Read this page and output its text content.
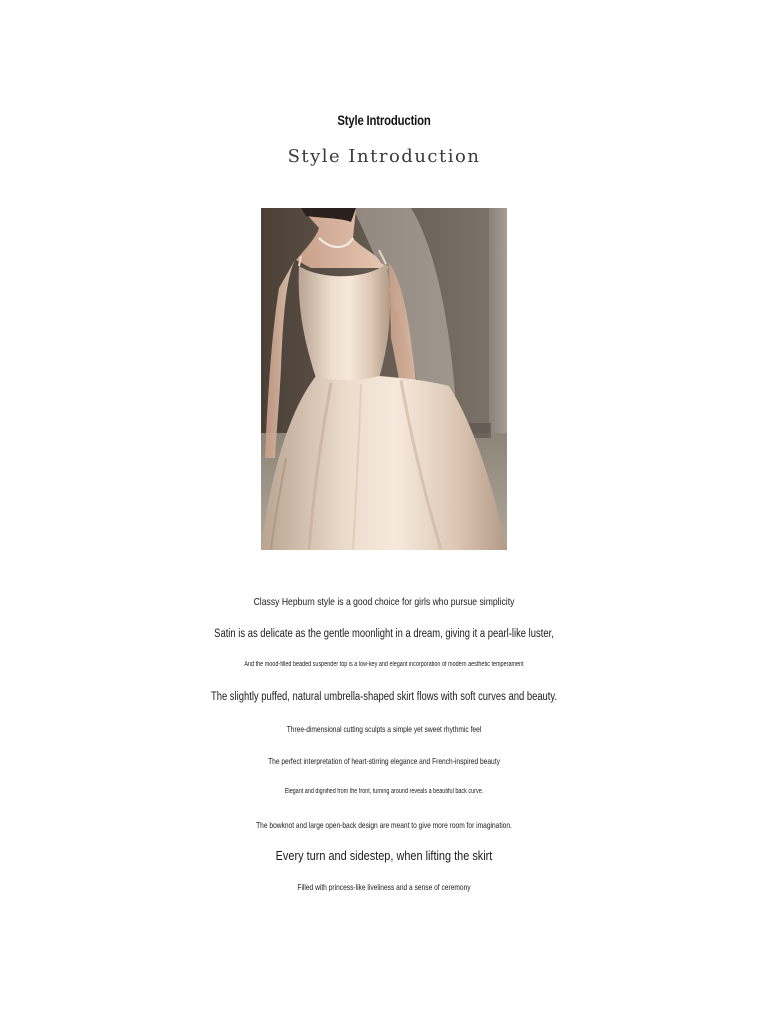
Style Introduction
Style Introduction
Classy Hepburn style is a good choice for girls who pursue simplicity
Satin is as delicate as the gentle moonlight in a dream, giving it a pearl-like luster,
And the mood-filled beaded suspender top is a low-key and elegant incorporation of modern aesthetic temperament
The slightly puffed, natural umbrella-shaped skirt flows with soft curves and beauty.
Three-dimensional cutting sculpts a simple yet sweet rhythmic feel
The perfect interpretation of heart-stirring elegance and French-inspired beauty
Elegant and dignified from the front, turning around reveals a beautiful back curve.
The bowknot and large open-back design are meant to give more room for imagination.
Every turn and sidestep, when lifting the skirt
Filled with princess-like liveliness and a sense of ceremony
